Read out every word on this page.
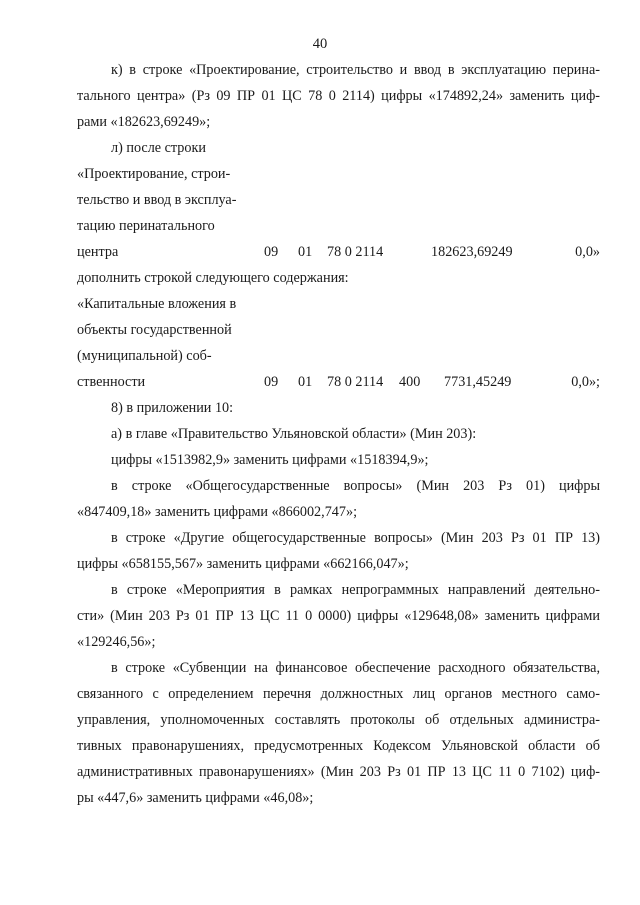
40
к) в строке «Проектирование, строительство и ввод в эксплуатацию перина-
тального центра» (Рз 09 ПР 01 ЦС 78 0 2114) цифры «174892,24» заменить циф-
рами «182623,69249»;
л) после строки
«Проектирование, строи-
тельство и ввод в эксплуа-
тацию перинатального
центра	09 01 78 0 2114	182623,69249	0,0»
дополнить строкой следующего содержания:
«Капитальные вложения в
объекты государственной
(муниципальной) соб-
ственности	09 01 78 0 2114 400 7731,45249	0,0»;
8) в приложении 10:
а) в главе «Правительство Ульяновской области» (Мин 203):
цифры «1513982,9» заменить цифрами «1518394,9»;
в строке «Общегосударственные вопросы» (Мин 203 Рз 01) цифры
«847409,18» заменить цифрами «866002,747»;
в строке «Другие общегосударственные вопросы» (Мин 203 Рз 01 ПР 13)
цифры «658155,567» заменить цифрами «662166,047»;
в строке «Мероприятия в рамках непрограммных направлений деятельно-
сти» (Мин 203 Рз 01 ПР 13 ЦС 11 0 0000) цифры «129648,08» заменить цифрами
«129246,56»;
в строке «Субвенции на финансовое обеспечение расходного обязательства,
связанного с определением перечня должностных лиц органов местного само-
управления, уполномоченных составлять протоколы об отдельных администра-
тивных правонарушениях, предусмотренных Кодексом Ульяновской области об
административных правонарушениях» (Мин 203 Рз 01 ПР 13 ЦС 11 0 7102) циф-
ры «447,6» заменить цифрами «46,08»;
